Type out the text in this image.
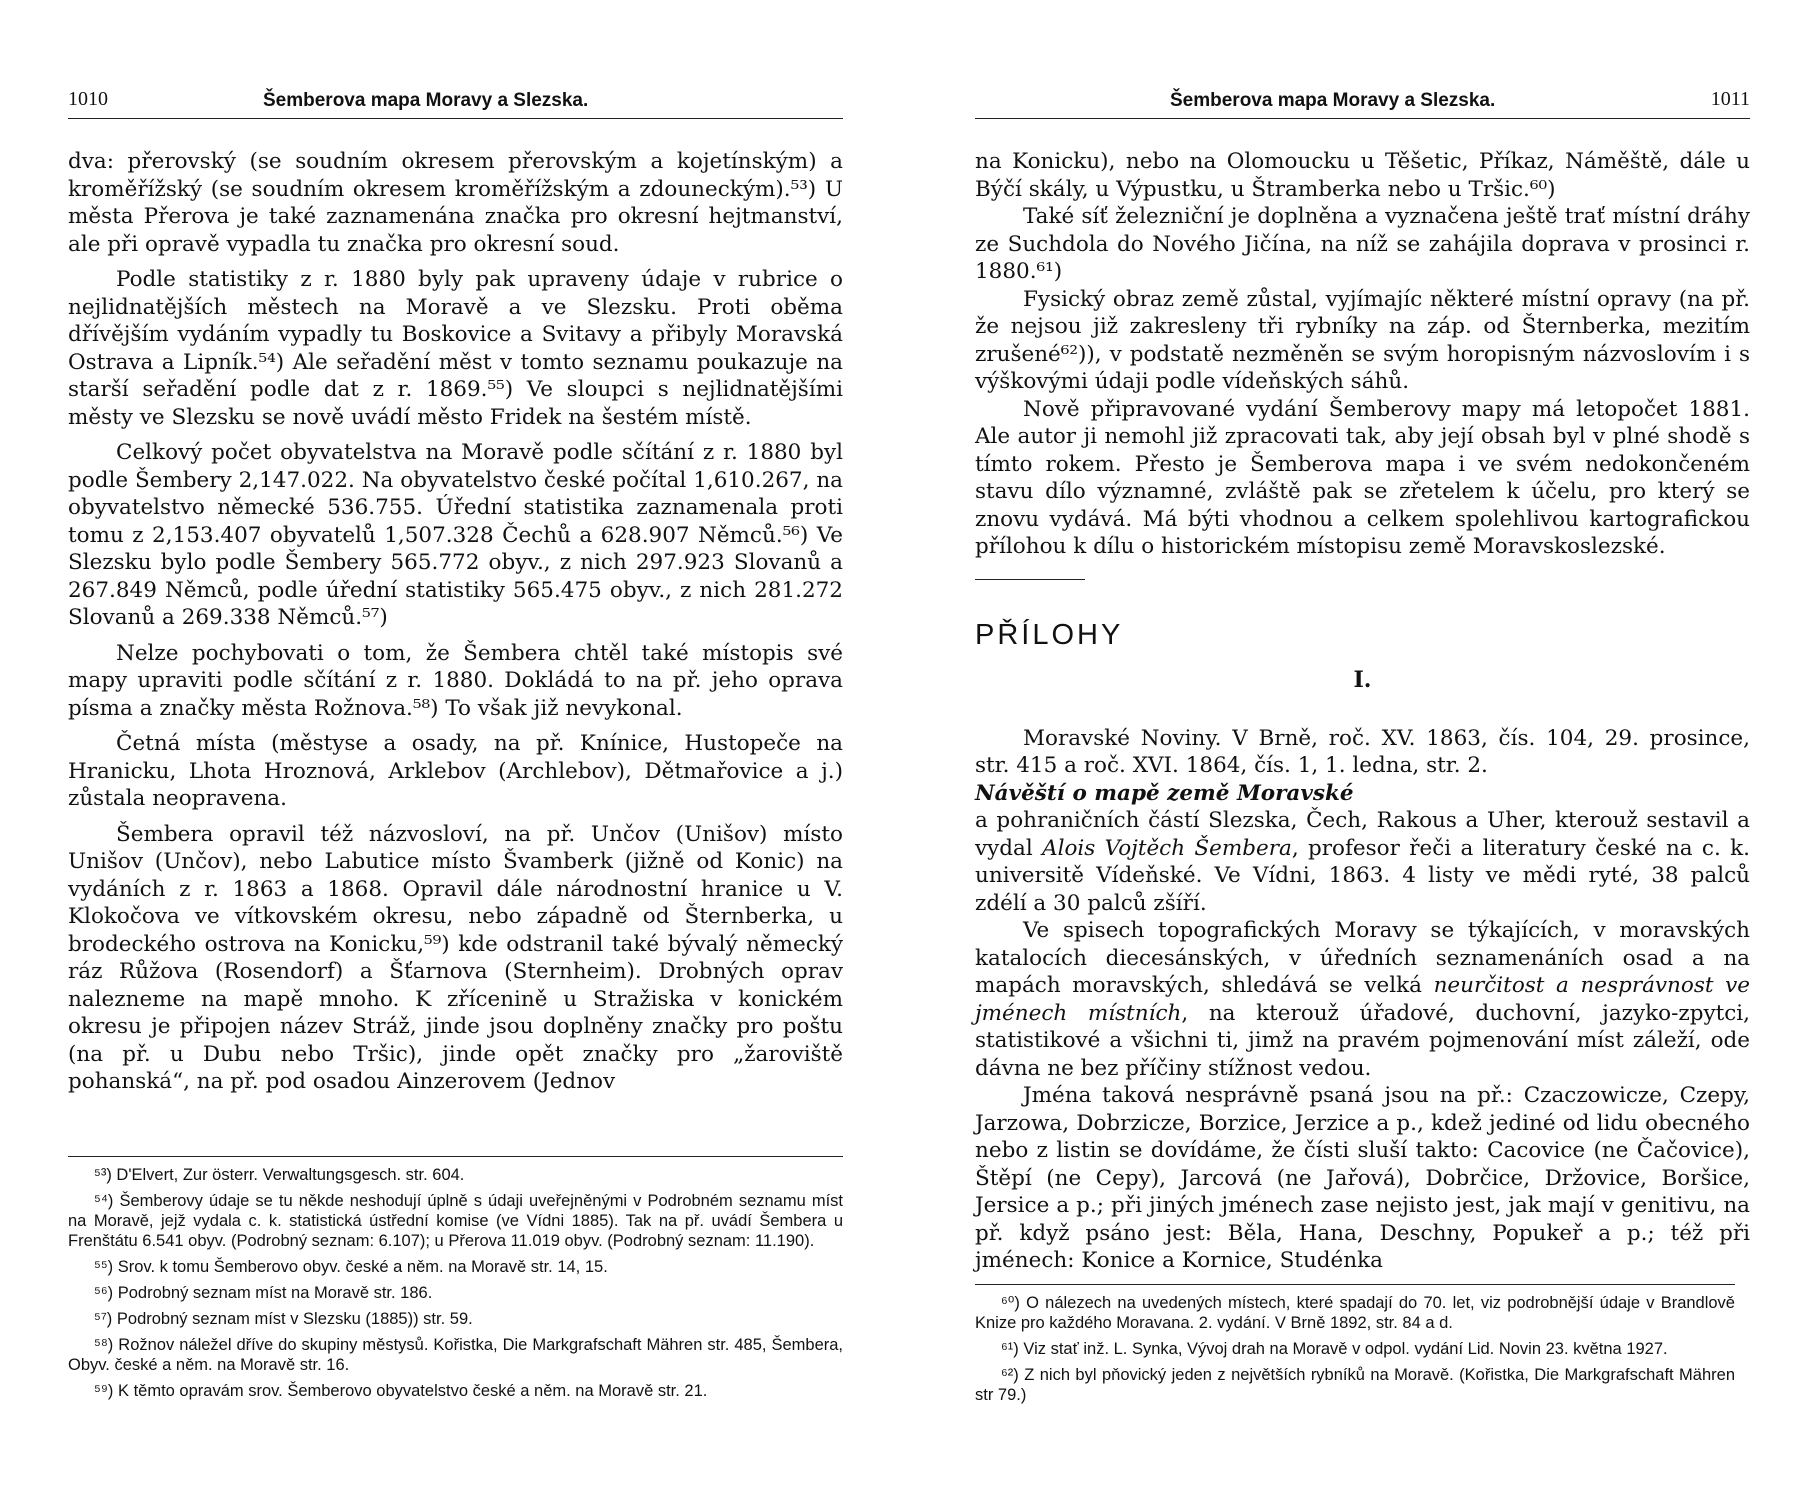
1010	Šemberova mapa Moravy a Slezska.

dva: přerovský (se soudním okresem přerovským a kojetínským) a kroměřížský (se soudním okresem kroměřížským a zdouneckým).⁵³) U města Přerova je také zaznamenána značka pro okresní hejtmanství, ale při opravě vypadla tu značka pro okresní soud.

Podle statistiky z r. 1880 byly pak upraveny údaje v rubrice o nejlidnatějších městech na Moravě a ve Slezsku. Proti oběma dřívějším vydáním vypadly tu Boskovice a Svitavy a přibyly Moravská Ostrava a Lipník.⁵⁴) Ale seřadění měst v tomto seznamu poukazuje na starší seřadění podle dat z r. 1869.⁵⁵) Ve sloupci s nejlidnatějšími městy ve Slezsku se nově uvádí město Fridek na šestém místě.

Celkový počet obyvatelstva na Moravě podle sčítání z r. 1880 byl podle Šembery 2,147.022. Na obyvatelstvo české počítal 1,610.267, na obyvatelstvo německé 536.755. Úřední statistika zaznamenala proti tomu z 2,153.407 obyvatelů 1,507.328 Čechů a 628.907 Němců.⁵⁶) Ve Slezsku bylo podle Šembery 565.772 obyv., z nich 297.923 Slovanů a 267.849 Němců, podle úřední statistiky 565.475 obyv., z nich 281.272 Slovanů a 269.338 Němců.⁵⁷)

Nelze pochybovati o tom, že Šembera chtěl také místopis své mapy upraviti podle sčítání z r. 1880. Dokládá to na př. jeho oprava písma a značky města Rožnova.⁵⁸) To však již nevykonal.

Četná místa (městyse a osady, na př. Knínice, Hustopeče na Hranicku, Lhota Hroznová, Arklebov (Archlebov), Dětmařovice a j.) zůstala neopravena.

Šembera opravil též názvosloví, na př. Unčov (Unišov) místo Unišov (Unčov), nebo Labutice místo Švamberk (jižně od Konic) na vydáních z r. 1863 a 1868. Opravil dále národnostní hranice u V. Klokočova ve vítkovském okresu, nebo západně od Šternberka, u brodeckého ostrova na Konicku,⁵⁹) kde odstranil také bývalý německý ráz Růžova (Rosendorf) a Šťarnova (Sternheim). Drobných oprav nalezneme na mapě mnoho. K zřícenině u Stražiska v konickém okresu je připojen název Stráž, jinde jsou doplněny značky pro poštu (na př. u Dubu nebo Tršic), jinde opět značky pro „žaroviště pohanská“, na př. pod osadou Ainzerovem (Jednov

⁵³) D'Elvert, Zur österr. Verwaltungsgesch. str. 604.

⁵⁴) Šemberovy údaje se tu někde neshodují úplně s údaji uveřejněnými v Podrobném seznamu míst na Moravě, jejž vydala c. k. statistická ústřední komise (ve Vídni 1885). Tak na př. uvádí Šembera u Frenštátu 6.541 obyv. (Podrobný seznam: 6.107); u Přerova 11.019 obyv. (Podrobný seznam: 11.190).

⁵⁵) Srov. k tomu Šemberovo obyv. české a něm. na Moravě str. 14, 15.

⁵⁶) Podrobný seznam míst na Moravě str. 186.

⁵⁷) Podrobný seznam míst v Slezsku (1885)) str. 59.

⁵⁸) Rožnov náležel dříve do skupiny městysů. Kořistka, Die Markgrafschaft Mähren str. 485, Šembera, Obyv. české a něm. na Moravě str. 16.

⁵⁹) K těmto opravám srov. Šemberovo obyvatelstvo české a něm. na Moravě str. 21.

Šemberova mapa Moravy a Slezska.	1011

na Konicku), nebo na Olomoucku u Těšetic, Příkaz, Náměště, dále u Býčí skály, u Výpustku, u Štramberka nebo u Tršic.⁶⁰)

Také síť železniční je doplněna a vyznačena ještě trať místní dráhy ze Suchdola do Nového Jičína, na níž se zahájila doprava v prosinci r. 1880.⁶¹)

Fysický obraz země zůstal, vyjímajíc některé místní opravy (na př. že nejsou již zakresleny tři rybníky na záp. od Šternberka, mezitím zrušené⁶²)), v podstatě nezměněn se svým horopisným názvoslovím i s výškovými údaji podle vídeňských sáhů.

Nově připravované vydání Šemberovy mapy má letopočet 1881. Ale autor ji nemohl již zpracovati tak, aby její obsah byl v plné shodě s tímto rokem. Přesto je Šemberova mapa i ve svém nedokončeném stavu dílo významné, zvláště pak se zřetelem k účelu, pro který se znovu vydává. Má býti vhodnou a celkem spolehlivou kartografickou přílohou k dílu o historickém místopisu země Moravskoslezské.

PŘÍLOHY
I.

Moravské Noviny. V Brně, roč. XV. 1863, čís. 104, 29. prosince, str. 415 a roč. XVI. 1864, čís. 1, 1. ledna, str. 2.

Návěští o mapě země Moravské

a pohraničních částí Slezska, Čech, Rakous a Uher, kterouž sestavil a vydal Alois Vojtěch Šembera, profesor řeči a literatury české na c. k. universitě Vídeňské. Ve Vídni, 1863. 4 listy ve mědi ryté, 38 palců zdélí a 30 palců zšíří.

Ve spisech topografických Moravy se týkajících, v moravských katalocích diecesánských, v úředních seznamenáních osad a na mapách moravských, shledává se velká neurčitost a nesprávnost ve jménech místních, na kterouž úřadové, duchovní, jazyko-zpytci, statistikové a všichni ti, jimž na pravém pojmenování míst záleží, ode dávna ne bez příčiny stížnost vedou.

Jména taková nesprávně psaná jsou na př.: Czaczowicze, Czepy, Jarzowa, Dobrzicze, Borzice, Jerzice a p., kdež jediné od lidu obecného nebo z listin se dovídáme, že čísti sluší takto: Cacovice (ne Čačovice), Štěpí (ne Cepy), Jarcová (ne Jařová), Dobrčice, Držovice, Boršice, Jersice a p.; při jiných jménech zase nejisto jest, jak mají v genitivu, na př. když psáno jest: Běla, Hana, Deschny, Popukeř a p.; též při jménech: Konice a Kornice, Studénka

⁶⁰) O nálezech na uvedených místech, které spadají do 70. let, viz podrobnější údaje v Brandlově Knize pro každého Moravana. 2. vydání. V Brně 1892, str. 84 a d.

⁶¹) Viz stať inž. L. Synka, Vývoj drah na Moravě v odpol. vydání Lid. Novin 23. května 1927.

⁶²) Z nich byl pňovický jeden z největších rybníků na Moravě. (Kořistka, Die Markgrafschaft Mähren str 79.)
